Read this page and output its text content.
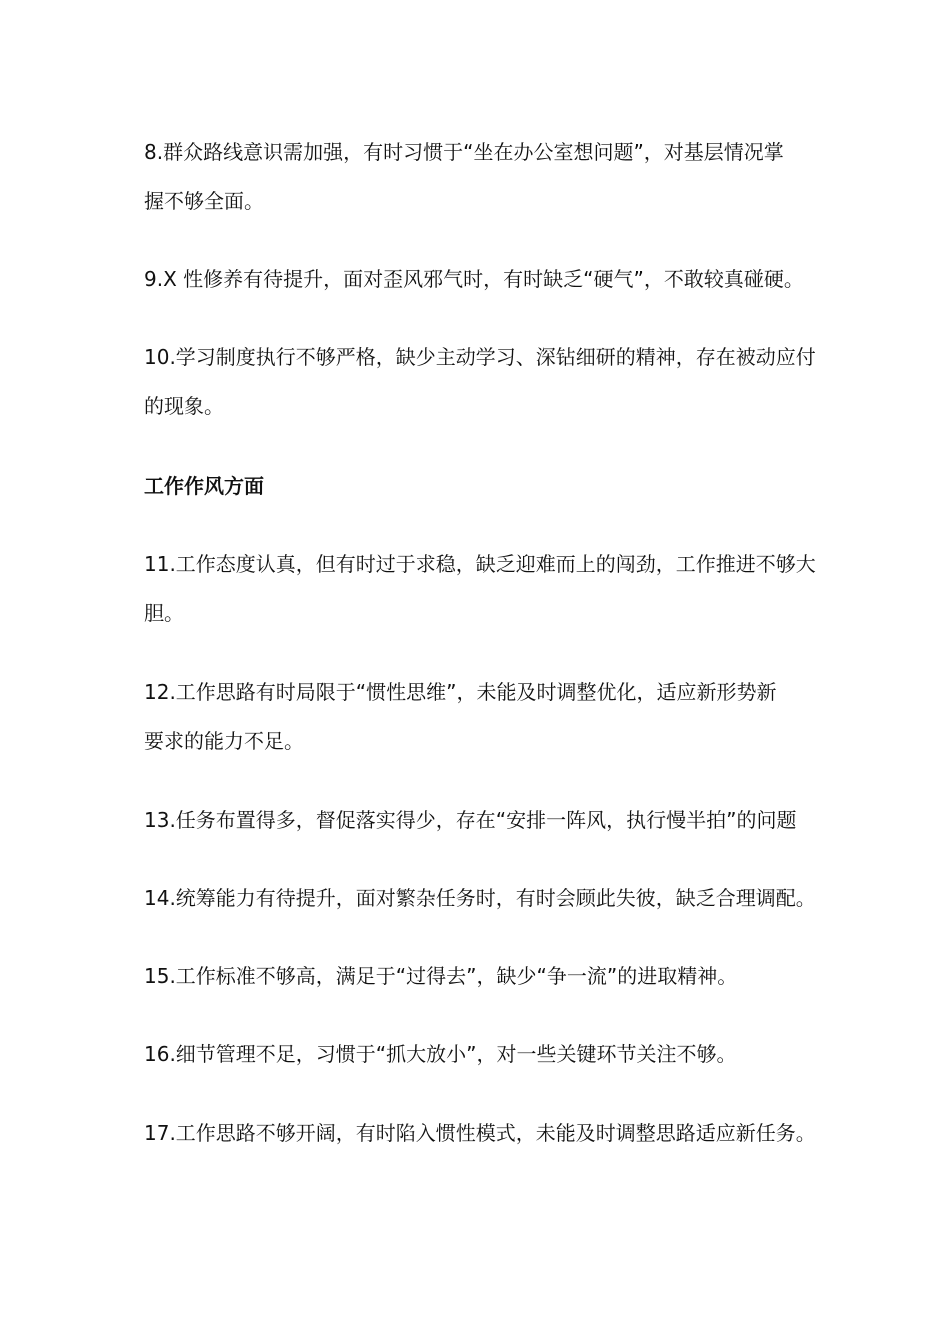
8.群众路线意识需加强，有时习惯于“坐在办公室想问题”，对基层情况掌
握不够全面。
9.X 性修养有待提升，面对歪风邪气时，有时缺乏“硬气”，不敢较真碰硬。
10.学习制度执行不够严格，缺少主动学习、深钻细研的精神，存在被动应付
的现象。
工作作风方面
11.工作态度认真，但有时过于求稳，缺乏迎难而上的闯劲，工作推进不够大
胆。
12.工作思路有时局限于“惯性思维”，未能及时调整优化，适应新形势新
要求的能力不足。
13.任务布置得多，督促落实得少，存在“安排一阵风，执行慢半拍”的问题
14.统筹能力有待提升，面对繁杂任务时，有时会顾此失彼，缺乏合理调配。
15.工作标准不够高，满足于“过得去”，缺少“争一流”的进取精神。
16.细节管理不足，习惯于“抓大放小”，对一些关键环节关注不够。
17.工作思路不够开阔，有时陷入惯性模式，未能及时调整思路适应新任务。
